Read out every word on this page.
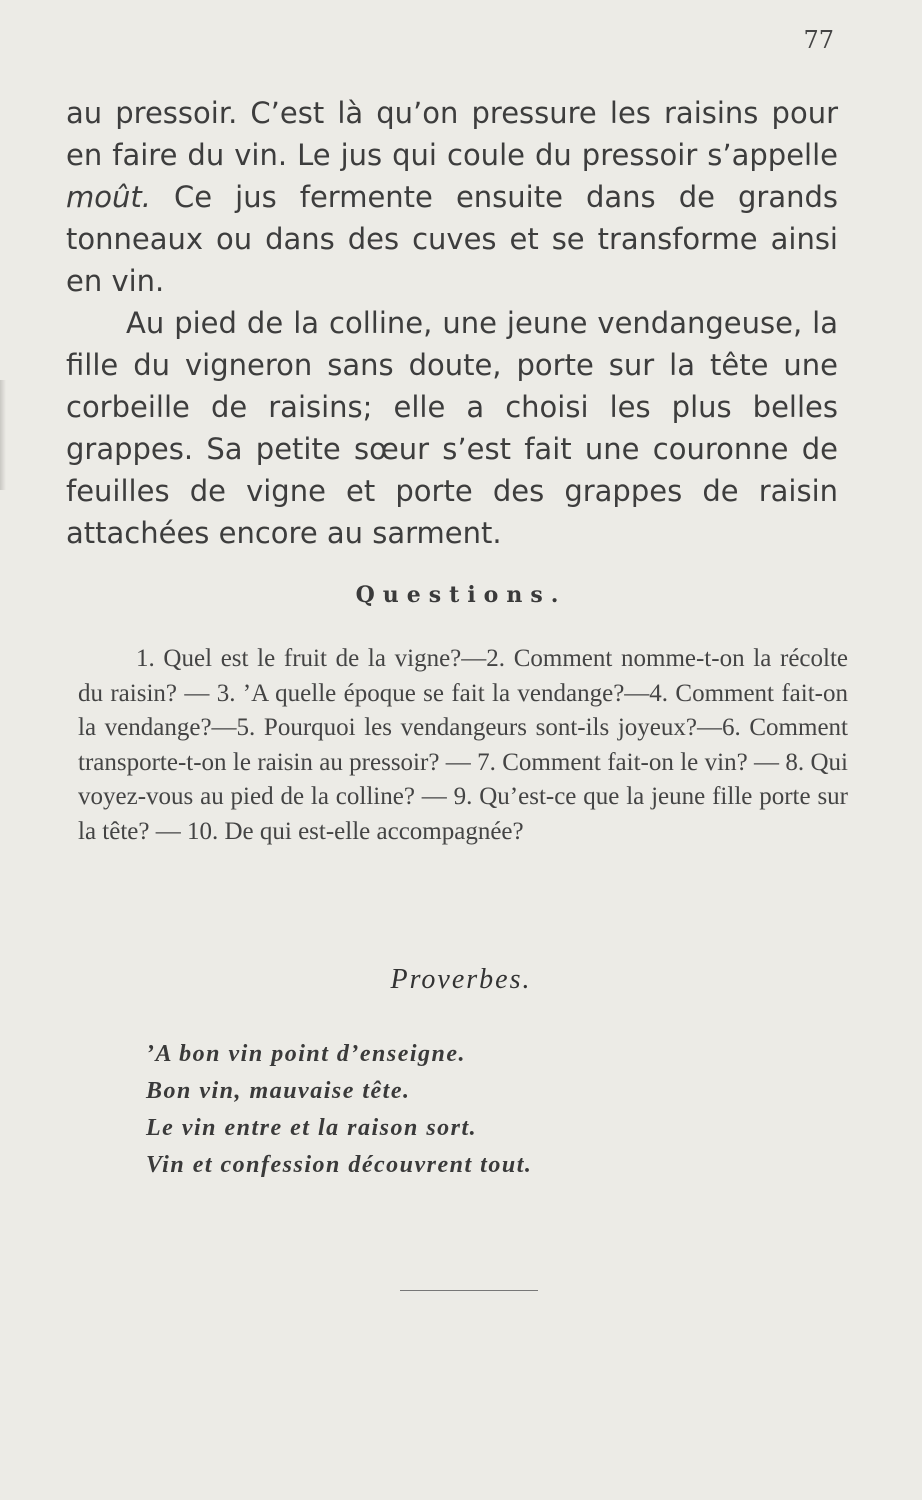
77

au pressoir. C’est là qu’on pressure les raisins pour en faire du vin. Le jus qui coule du pressoir s’appelle moût. Ce jus fermente ensuite dans de grands tonneaux ou dans des cuves et se transforme ainsi en vin.

Au pied de la colline, une jeune vendangeuse, la fille du vigneron sans doute, porte sur la tête une corbeille de raisins; elle a choisi les plus belles grappes. Sa petite sœur s’est fait une couronne de feuilles de vigne et porte des grappes de raisin attachées encore au sarment.

Questions.
1. Quel est le fruit de la vigne?—2. Comment nomme-t-on la récolte du raisin? — 3. ’A quelle époque se fait la vendange?—4. Comment fait-on la vendange?—5. Pourquoi les vendangeurs sont-ils joyeux?—6. Comment transporte-t-on le raisin au pressoir? — 7. Comment fait-on le vin? — 8. Qui voyez-vous au pied de la colline? — 9. Qu’est-ce que la jeune fille porte sur la tête? — 10. De qui est-elle accompagnée?
Proverbes.
’A bon vin point d’enseigne.
Bon vin, mauvaise tête.
Le vin entre et la raison sort.
Vin et confession découvrent tout.
